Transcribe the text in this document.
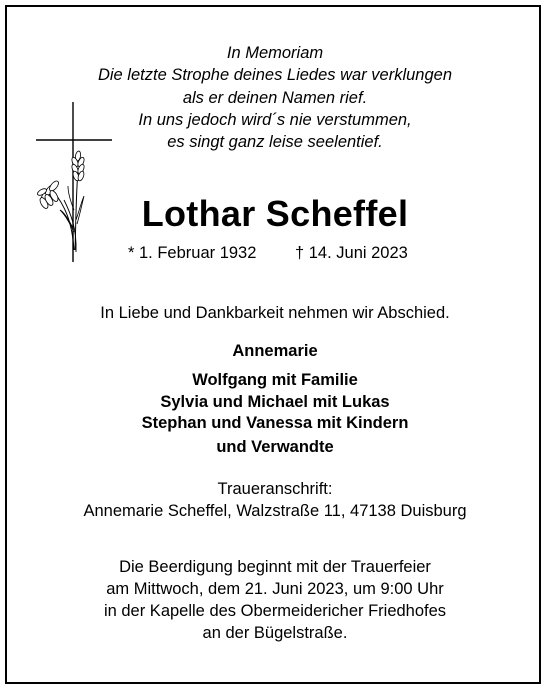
In Memoriam
Die letzte Strophe deines Liedes war verklungen
als er deinen Namen rief.
In uns jedoch wird´s nie verstummen,
es singt ganz leise seelentief.
Lothar Scheffel
* 1. Februar 1932 † 14. Juni 2023
In Liebe und Dankbarkeit nehmen wir Abschied.
Annemarie
Wolfgang mit Familie
Sylvia und Michael mit Lukas
Stephan und Vanessa mit Kindern
und Verwandte
Traueranschrift:
Annemarie Scheffel, Walzstraße 11, 47138 Duisburg
Die Beerdigung beginnt mit der Trauerfeier
am Mittwoch, dem 21. Juni 2023, um 9:00 Uhr
in der Kapelle des Obermeidericher Friedhofes
an der Bügelstraße.
